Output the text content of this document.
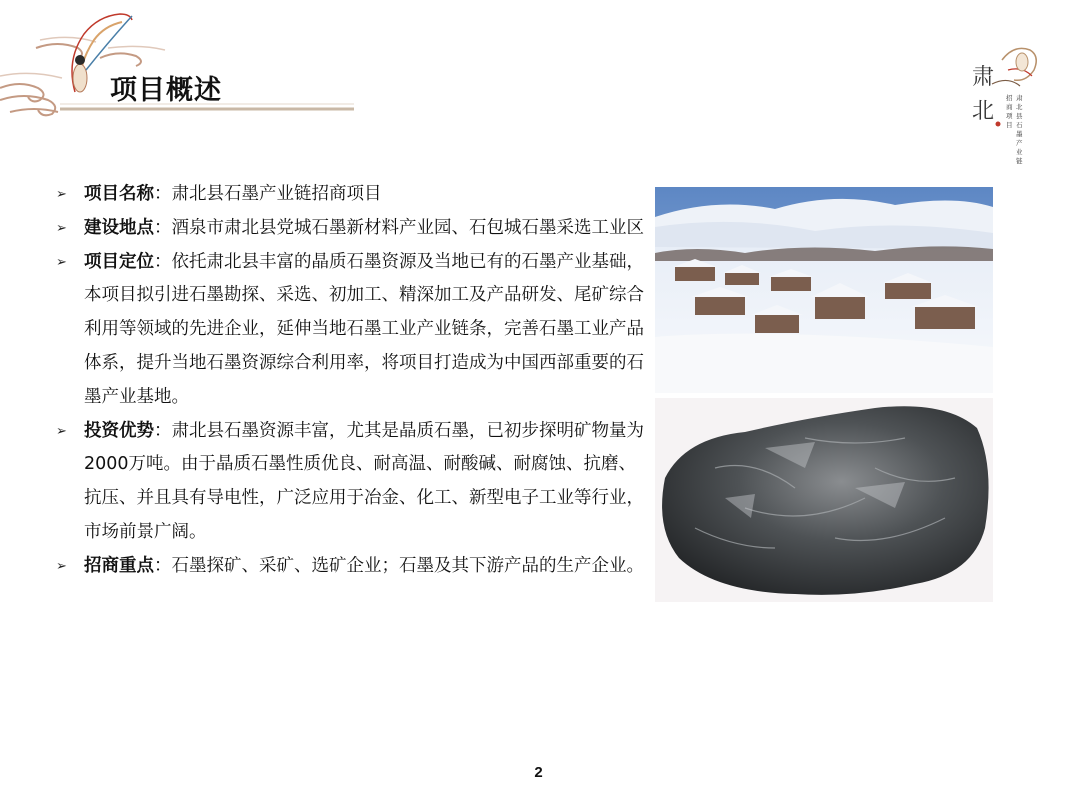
项目概述	肃
北
招
商
项
目
肃
北
县
石
墨
产
业
链

➢ 项目名称：肃北县石墨产业链招商项目

➢ 建设地点：酒泉市肃北县党城石墨新材料产业园、石包城石墨采选工业区

➢ 项目定位：依托肃北县丰富的晶质石墨资源及当地已有的石墨产业基础，本项目拟引进石墨勘探、采选、初加工、精深加工及产品研发、尾矿综合利用等领域的先进企业，延伸当地石墨工业产业链条，完善石墨工业产品体系，提升当地石墨资源综合利用率，将项目打造成为中国西部重要的石墨产业基地。

➢ 投资优势：肃北县石墨资源丰富，尤其是晶质石墨，已初步探明矿物量为2000万吨。由于晶质石墨性质优良、耐高温、耐酸碱、耐腐蚀、抗磨、抗压、并且具有导电性，广泛应用于冶金、化工、新型电子工业等行业，市场前景广阔。

➢ 招商重点：石墨探矿、采矿、选矿企业；石墨及其下游产品的生产企业。

2
